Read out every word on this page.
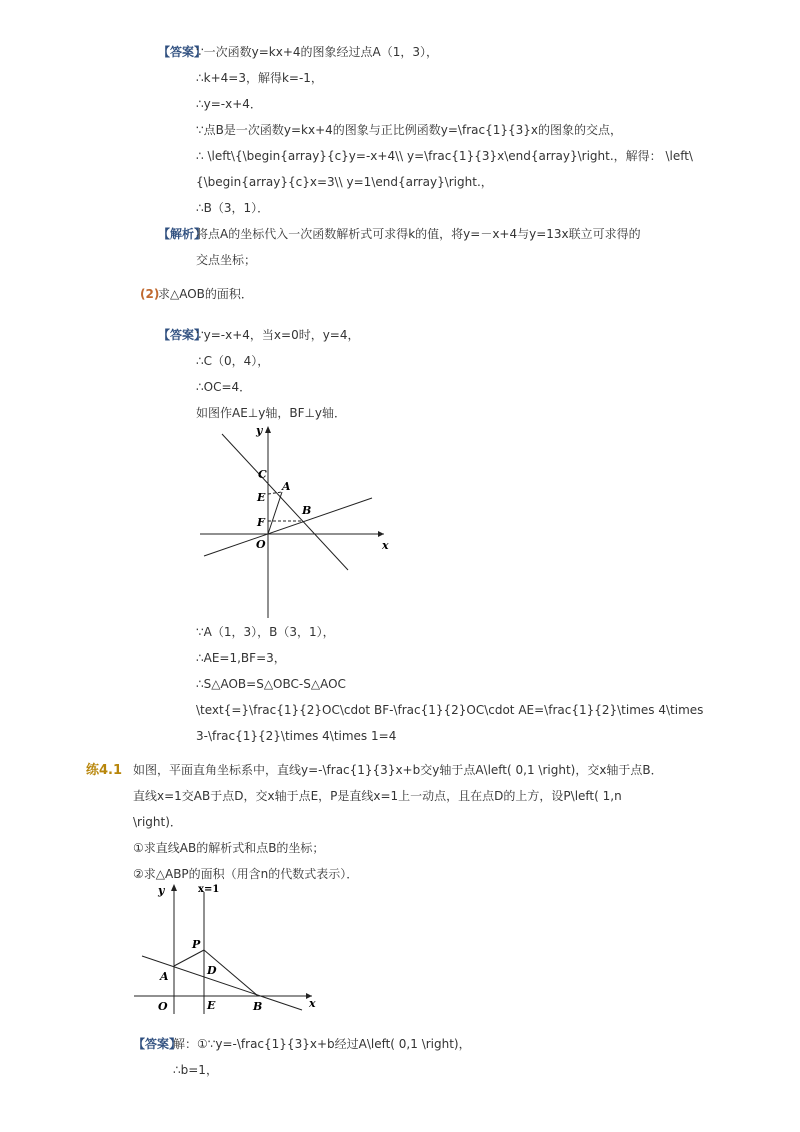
【答案】
∵一次函数y=kx+4的图象经过点A（1，3），
∴k+4=3，解得k=-1，
∴y=-x+4．
∵点B是一次函数y=kx+4的图象与正比例函数y=\frac{1}{3}x的图象的交点，
∴ \left\{\begin{array}{c}y=-x+4\\ y=\frac{1}{3}x\end{array}\right.，解得： \left\
{\begin{array}{c}x=3\\ y=1\end{array}\right.，
∴B（3，1）．
【解析】
将点A的坐标代入一次函数解析式可求得k的值，将y=－x+4与y=13x联立可求得的
交点坐标；
(2)
求△AOB的面积．
【答案】
∵y=-x+4，当x=0时，y=4，
∴C（0，4），
∴OC=4．
如图作AE⊥y轴，BF⊥y轴．
y
x
C
E
A
B
F
O
∵A（1，3），B（3，1），
∴AE=1,BF=3，
∴S△AOB=S△OBC-S△AOC
\text{=}\frac{1}{2}OC\cdot BF-\frac{1}{2}OC\cdot AE=\frac{1}{2}\times 4\times
3-\frac{1}{2}\times 4\times 1=4
练4.1 如图，平面直角坐标系中，直线y=-\frac{1}{3}x+b交y轴于点A\left( 0,1 \right)，交x轴于点B．
直线x=1交AB于点D，交x轴于点E，P是直线x=1上一动点，且在点D的上方，设P\left( 1,n
\right)．
①求直线AB的解析式和点B的坐标；
②求△ABP的面积（用含n的代数式表示）．
y	x=1
P
A	D
O	E	B	x
【答案】
解：①∵y=-\frac{1}{3}x+b经过A\left( 0,1 \right)，
∴b=1，
